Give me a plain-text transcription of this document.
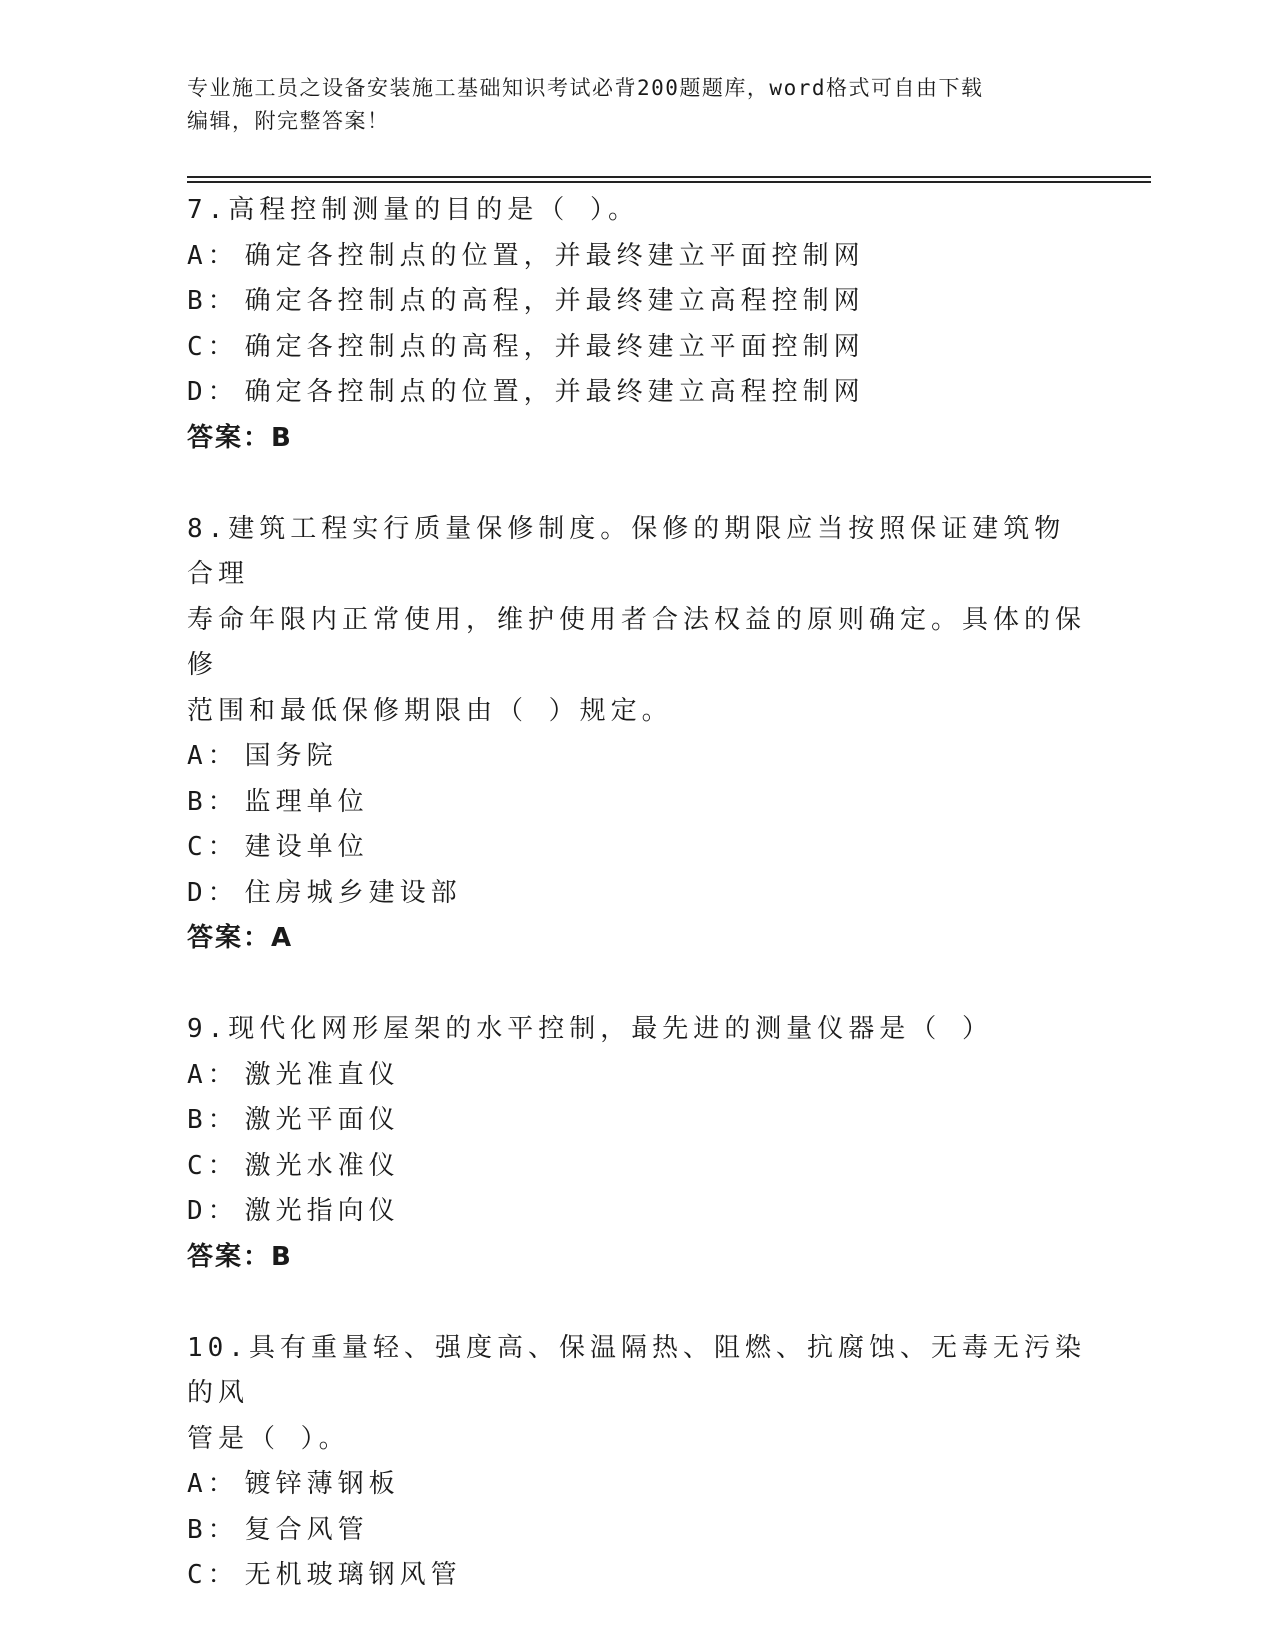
专业施工员之设备安装施工基础知识考试必背200题题库，word格式可自由下载
编辑，附完整答案！
7.高程控制测量的目的是（ ）。
A： 确定各控制点的位置，并最终建立平面控制网
B： 确定各控制点的高程，并最终建立高程控制网
C： 确定各控制点的高程，并最终建立平面控制网
D： 确定各控制点的位置，并最终建立高程控制网
答案：B
8.建筑工程实行质量保修制度。保修的期限应当按照保证建筑物合理
寿命年限内正常使用，维护使用者合法权益的原则确定。具体的保修
范围和最低保修期限由（ ）规定。
A： 国务院
B： 监理单位
C： 建设单位
D： 住房城乡建设部
答案：A
9.现代化网形屋架的水平控制，最先进的测量仪器是（ ）
A： 激光准直仪
B： 激光平面仪
C： 激光水准仪
D： 激光指向仪
答案：B
10.具有重量轻、强度高、保温隔热、阻燃、抗腐蚀、无毒无污染的风
管是（ ）。
A： 镀锌薄钢板
B： 复合风管
C： 无机玻璃钢风管
